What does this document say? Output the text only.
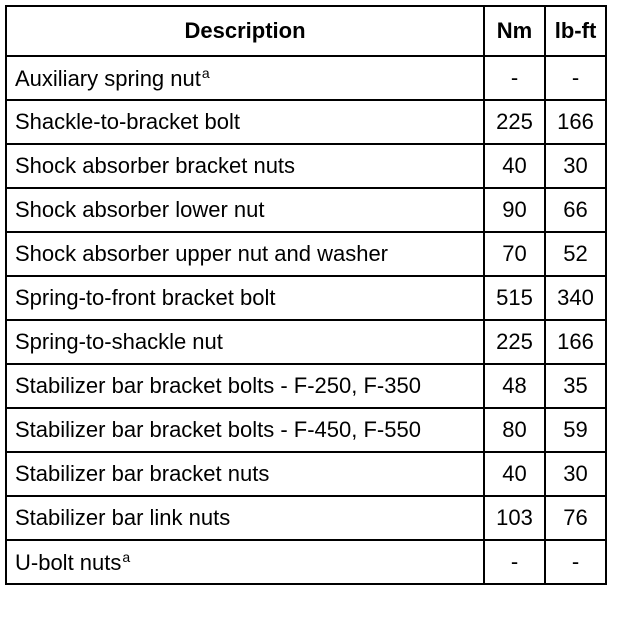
Description	Nm	lb-ft
Auxiliary spring nut$^a$	-	-
Shackle-to-bracket bolt	225	166
Shock absorber bracket nuts	40	30
Shock absorber lower nut	90	66
Shock absorber upper nut and washer	70	52
Spring-to-front bracket bolt	515	340
Spring-to-shackle nut	225	166
Stabilizer bar bracket bolts - F-250, F-350	48	35
Stabilizer bar bracket bolts - F-450, F-550	80	59
Stabilizer bar bracket nuts	40	30
Stabilizer bar link nuts	103	76
U-bolt nuts$^a$	-	-
